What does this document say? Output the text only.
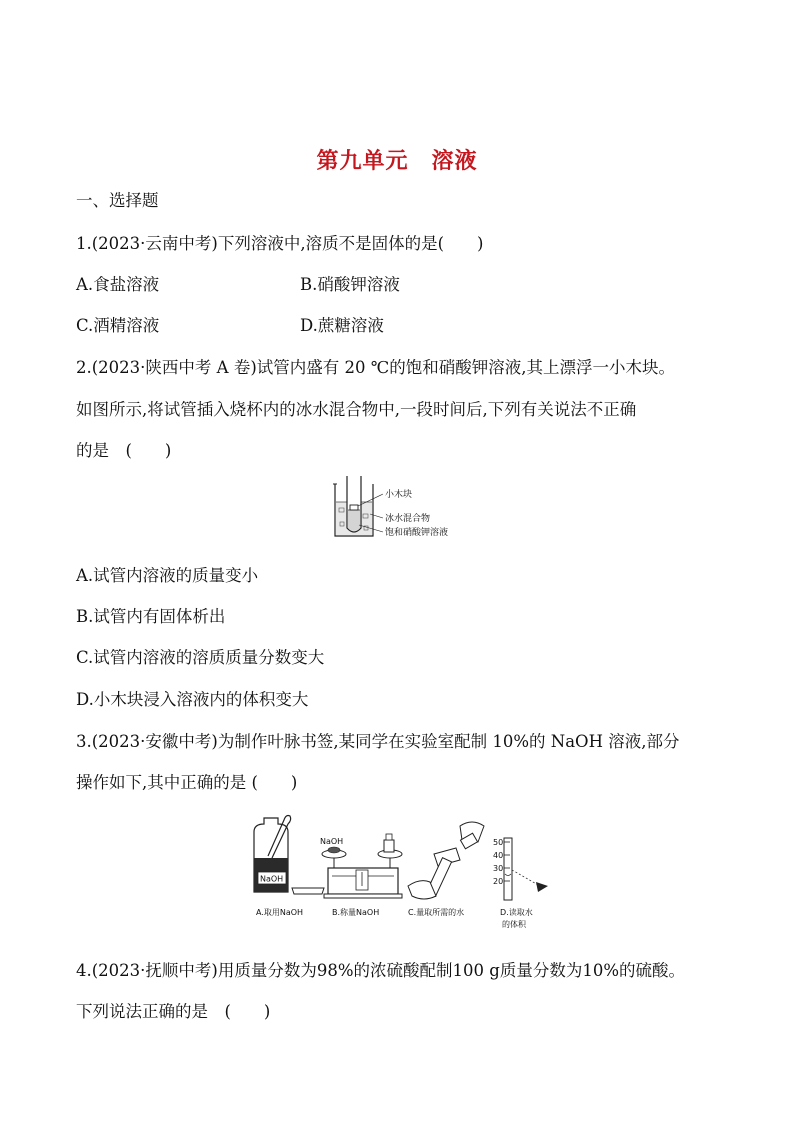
第九单元　溶液
一、选择题
1.(2023·云南中考)下列溶液中,溶质不是固体的是(　　)
A.食盐溶液	B.硝酸钾溶液
C.酒精溶液	D.蔗糖溶液
2.(2023·陕西中考 A 卷)试管内盛有 20 ℃的饱和硝酸钾溶液,其上漂浮一小木块。
如图所示,将试管插入烧杯内的冰水混合物中,一段时间后,下列有关说法不正确
的是　(　　)
小木块
冰水混合物
饱和硝酸钾溶液
A.试管内溶液的质量变小
B.试管内有固体析出
C.试管内溶液的溶质质量分数变大
D.小木块浸入溶液内的体积变大
3.(2023·安徽中考)为制作叶脉书签,某同学在实验室配制 10%的 NaOH 溶液,部分
操作如下,其中正确的是 (　　)
NaOH
NaOH	50
40
30
20
A.取用NaOH	B.称量NaOH	C.量取所需的水	D.读取水
的体积
4.(2023·抚顺中考)用质量分数为98%的浓硫酸配制100 g质量分数为10%的硫酸。
下列说法正确的是　(　　)
